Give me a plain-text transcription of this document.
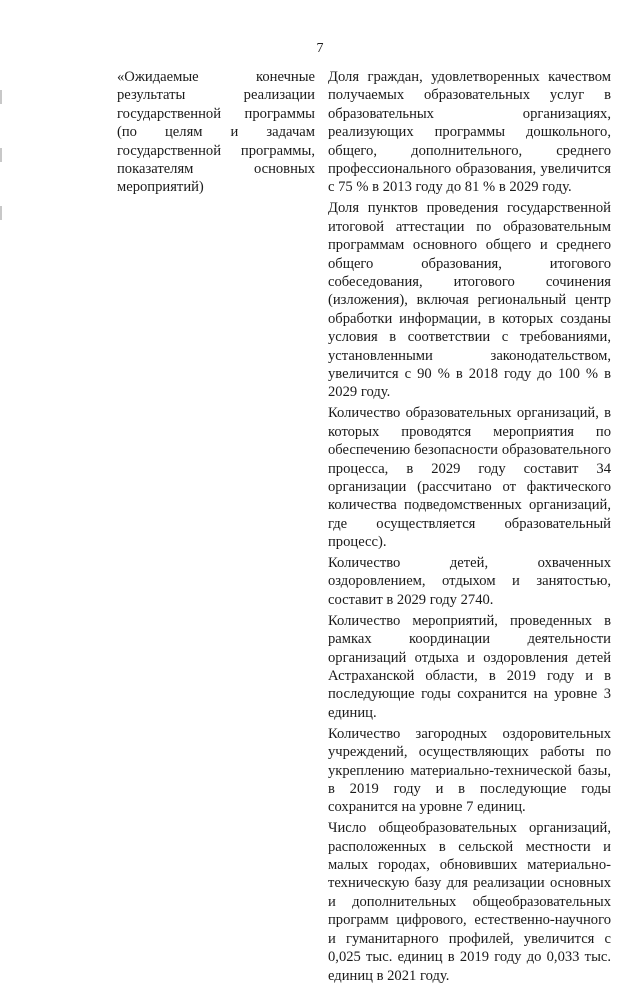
7
«Ожидаемые конечные результаты реализации государственной программы (по целям и задачам государственной программы, показателям основных мероприятий)

Доля граждан, удовлетворенных качеством получаемых образовательных услуг в образовательных организациях, реализующих программы дошкольного, общего, дополнительного, среднего профессионального образования, увеличится с 75 % в 2013 году до 81 % в 2029 году.

Доля пунктов проведения государственной итоговой аттестации по образовательным программам основного общего и среднего общего образования, итогового собеседования, итогового сочинения (изложения), включая региональный центр обработки информации, в которых созданы условия в соответствии с требованиями, установленными законодательством, увеличится с 90 % в 2018 году до 100 % в 2029 году.

Количество образовательных организаций, в которых проводятся мероприятия по обеспечению безопасности образовательного процесса, в 2029 году составит 34 организации (рассчитано от фактического количества подведомственных организаций, где осуществляется образовательный процесс).

Количество детей, охваченных оздоровлением, отдыхом и занятостью, составит в 2029 году 2740.

Количество мероприятий, проведенных в рамках координации деятельности организаций отдыха и оздоровления детей Астраханской области, в 2019 году и в последующие годы сохранится на уровне 3 единиц.

Количество загородных оздоровительных учреждений, осуществляющих работы по укреплению материально-технической базы, в 2019 году и в последующие годы сохранится на уровне 7 единиц.

Число общеобразовательных организаций, расположенных в сельской местности и малых городах, обновивших материально-техническую базу для реализации основных и дополнительных общеобразовательных программ цифрового, естественно-научного и гуманитарного профилей, увеличится с 0,025 тыс. единиц в 2019 году до 0,033 тыс. единиц в 2021 году.
